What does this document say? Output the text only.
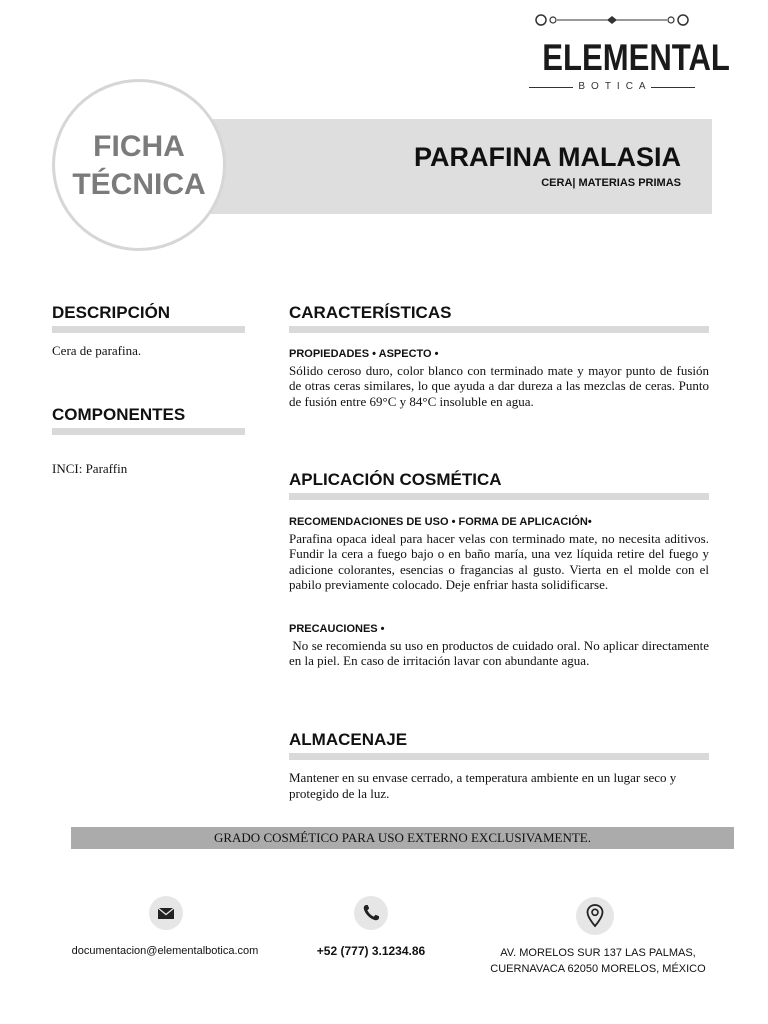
ELEMENTAL
BOTICA
FICHA
TÉCNICA
PARAFINA MALASIA
CERA| MATERIAS PRIMAS
DESCRIPCIÓN
Cera de parafina.
COMPONENTES
INCI: Paraffin
CARACTERÍSTICAS
PROPIEDADES • ASPECTO •
Sólido ceroso duro, color blanco con terminado mate y mayor punto de fusión de otras ceras similares, lo que ayuda a dar dureza a las mezclas de ceras. Punto de fusión entre 69°C y 84°C insoluble en agua.
APLICACIÓN COSMÉTICA
RECOMENDACIONES DE USO • FORMA DE APLICACIÓN•
Parafina opaca ideal para hacer velas con terminado mate, no necesita aditivos. Fundir la cera a fuego bajo o en baño maría, una vez líquida retire del fuego y adicione colorantes, esencias o fragancias al gusto. Vierta en el molde con el pabilo previamente colocado. Deje enfriar hasta solidificarse.
PRECAUCIONES •
No se recomienda su uso en productos de cuidado oral. No aplicar directamente en la piel. En caso de irritación lavar con abundante agua.
ALMACENAJE
Mantener en su envase cerrado, a temperatura ambiente en un lugar seco y protegido de la luz.
GRADO COSMÉTICO PARA USO EXTERNO EXCLUSIVAMENTE.
documentacion@elementalbotica.com	+52 (777) 3.1234.86	AV. MORELOS SUR 137 LAS PALMAS,
CUERNAVACA 62050 MORELOS, MÉXICO
